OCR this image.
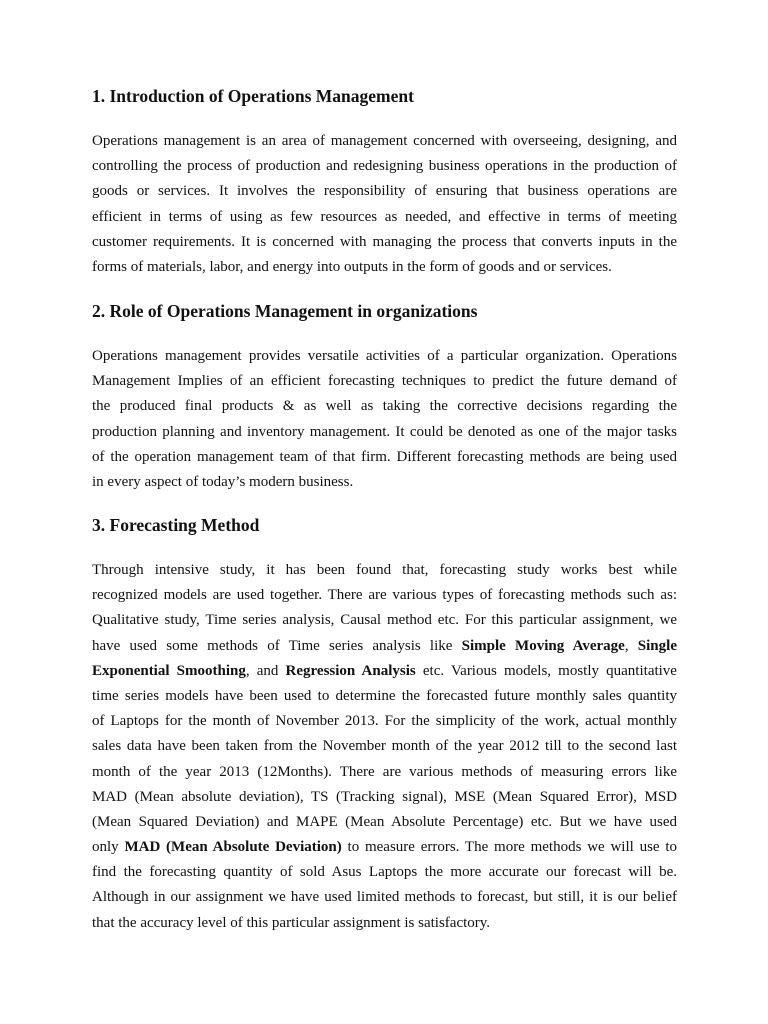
1. Introduction of Operations Management
Operations management is an area of management concerned with overseeing, designing, and
controlling the process of production and redesigning business operations in the production of
goods or services. It involves the responsibility of ensuring that business operations are
efficient in terms of using as few resources as needed, and effective in terms of meeting
customer requirements. It is concerned with managing the process that converts inputs in the
forms of materials, labor, and energy into outputs in the form of goods and or services.
2. Role of Operations Management in organizations
Operations management provides versatile activities of a particular organization. Operations
Management Implies of an efficient forecasting techniques to predict the future demand of
the produced final products & as well as taking the corrective decisions regarding the
production planning and inventory management. It could be denoted as one of the major tasks
of the operation management team of that firm. Different forecasting methods are being used
in every aspect of today’s modern business.
3. Forecasting Method
Through intensive study, it has been found that, forecasting study works best while
recognized models are used together. There are various types of forecasting methods such as:
Qualitative study, Time series analysis, Causal method etc. For this particular assignment, we
have used some methods of Time series analysis like Simple Moving Average, Single
Exponential Smoothing, and Regression Analysis etc. Various models, mostly quantitative
time series models have been used to determine the forecasted future monthly sales quantity
of Laptops for the month of November 2013. For the simplicity of the work, actual monthly
sales data have been taken from the November month of the year 2012 till to the second last
month of the year 2013 (12Months). There are various methods of measuring errors like
MAD (Mean absolute deviation), TS (Tracking signal), MSE (Mean Squared Error), MSD
(Mean Squared Deviation) and MAPE (Mean Absolute Percentage) etc. But we have used
only MAD (Mean Absolute Deviation) to measure errors. The more methods we will use to
find the forecasting quantity of sold Asus Laptops the more accurate our forecast will be.
Although in our assignment we have used limited methods to forecast, but still, it is our belief
that the accuracy level of this particular assignment is satisfactory.
